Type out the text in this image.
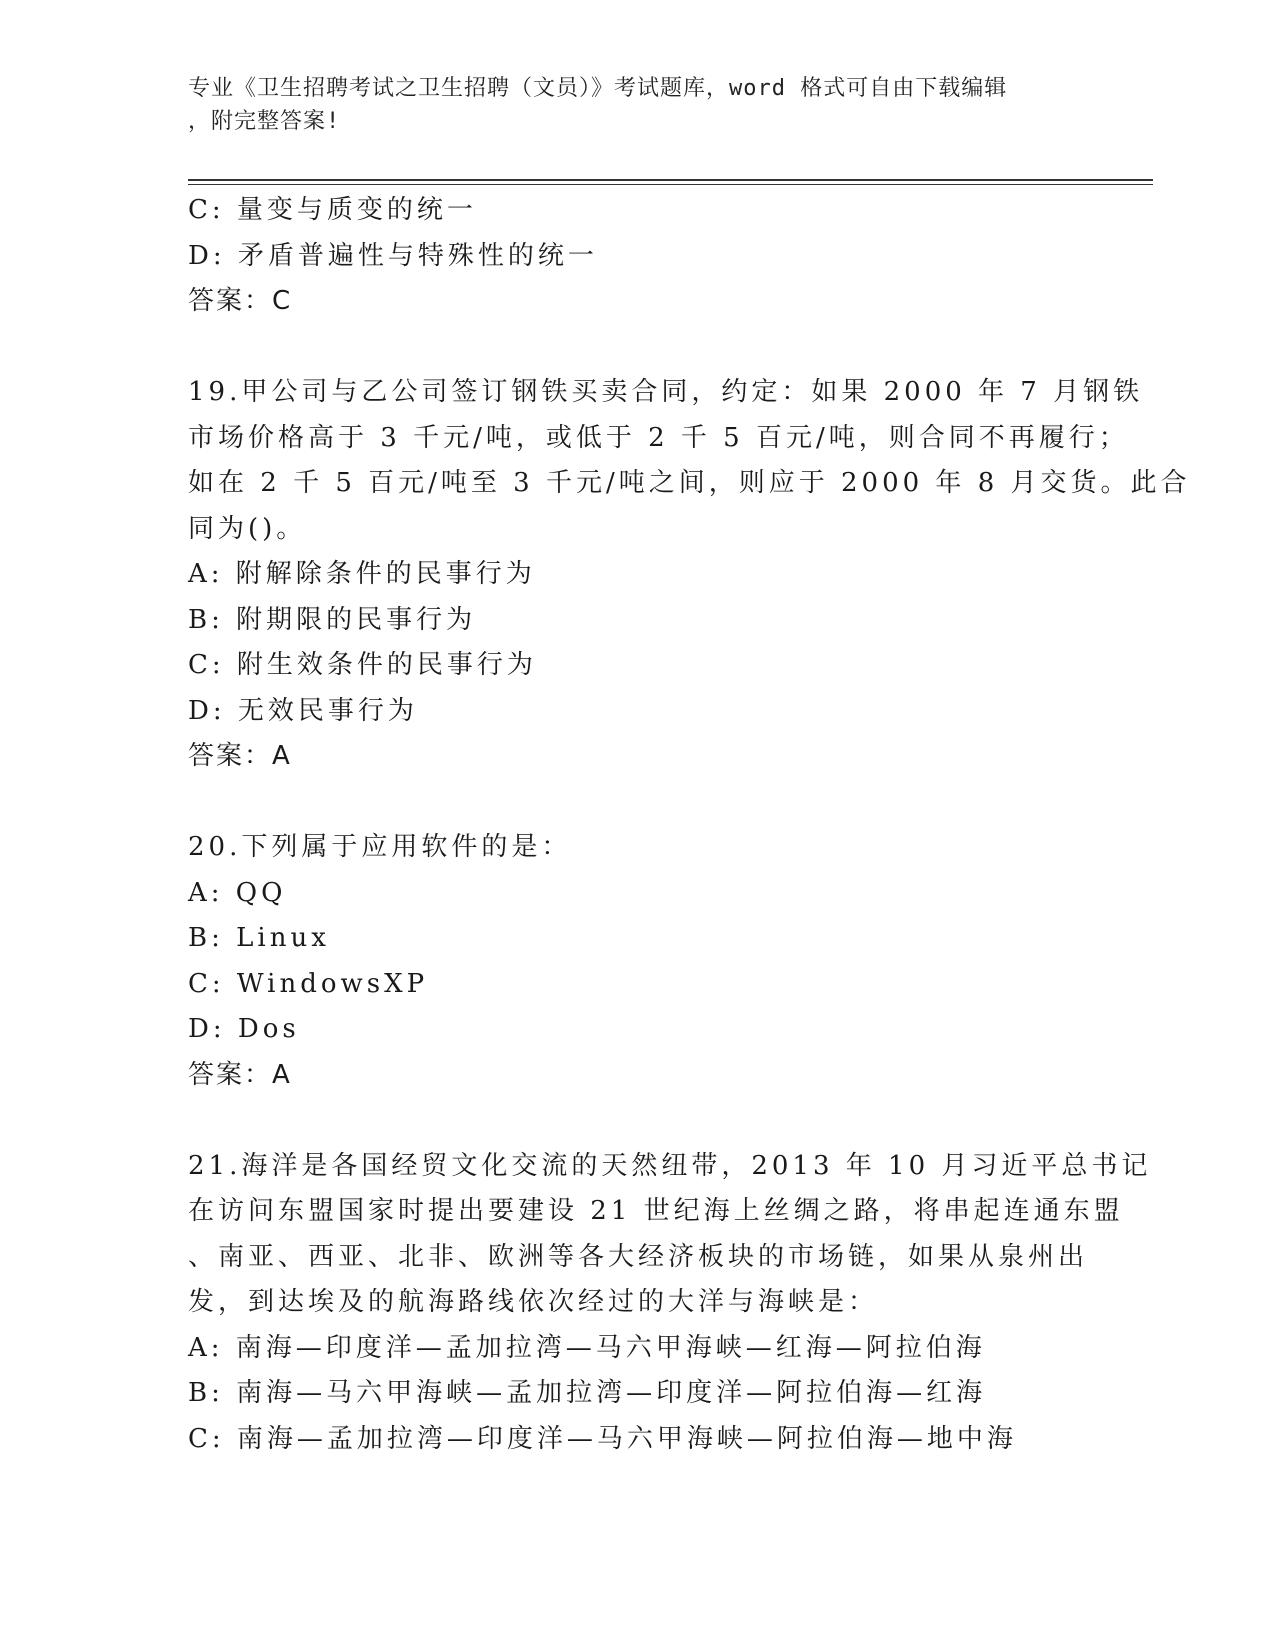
专业《卫生招聘考试之卫生招聘（文员）》考试题库，word 格式可自由下载编辑
，附完整答案!
C: 量变与质变的统一
D: 矛盾普遍性与特殊性的统一
答案：C
19.甲公司与乙公司签订钢铁买卖合同，约定：如果 2000 年 7 月钢铁
市场价格高于 3 千元/吨，或低于 2 千 5 百元/吨，则合同不再履行；
如在 2 千 5 百元/吨至 3 千元/吨之间，则应于 2000 年 8 月交货。此合
同为()。
A: 附解除条件的民事行为
B: 附期限的民事行为
C: 附生效条件的民事行为
D: 无效民事行为
答案：A
20.下列属于应用软件的是：
A: QQ
B: Linux
C: WindowsXP
D: Dos
答案：A
21.海洋是各国经贸文化交流的天然纽带，2013 年 10 月习近平总书记
在访问东盟国家时提出要建设 21 世纪海上丝绸之路，将串起连通东盟
、南亚、西亚、北非、欧洲等各大经济板块的市场链，如果从泉州出
发，到达埃及的航海路线依次经过的大洋与海峡是：
A: 南海—印度洋—孟加拉湾—马六甲海峡—红海—阿拉伯海
B: 南海—马六甲海峡—孟加拉湾—印度洋—阿拉伯海—红海
C: 南海—孟加拉湾—印度洋—马六甲海峡—阿拉伯海—地中海
